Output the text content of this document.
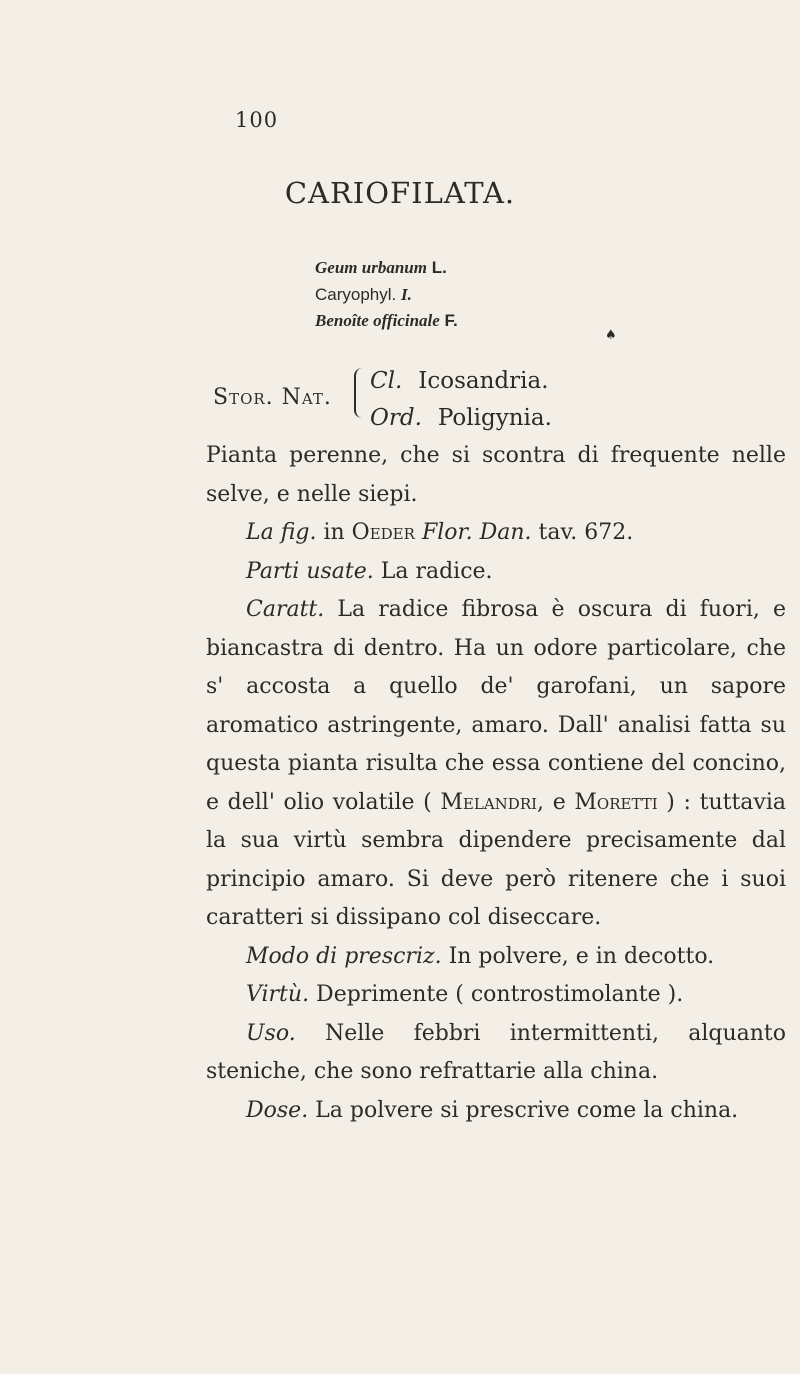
100
CARIOFILATA.
Geum urbanum L.
Caryophyl. I.
Benoîte officinale F.
♠
Stor. Nat.
Cl. Icosandria.
Ord. Poligynia.

Pianta perenne, che si scontra di frequente nelle selve, e nelle siepi.

La fig. in Oeder Flor. Dan. tav. 672.

Parti usate. La radice.

Caratt. La radice fibrosa è oscura di fuori, e biancastra di dentro. Ha un odore particolare, che s' accosta a quello de' garofani, un sapore aromatico astringente, amaro. Dall' analisi fatta su questa pianta risulta che essa contiene del concino, e dell' olio volatile ( Melandri, e Moretti ) : tuttavia la sua virtù sembra dipendere precisamente dal principio amaro. Si deve però ritenere che i suoi caratteri si dissipano col diseccare.

Modo di prescriz. In polvere, e in decotto.

Virtù. Deprimente ( controstimolante ).

Uso. Nelle febbri intermittenti, alquanto steniche, che sono refrattarie alla china.

Dose. La polvere si prescrive come la china.
